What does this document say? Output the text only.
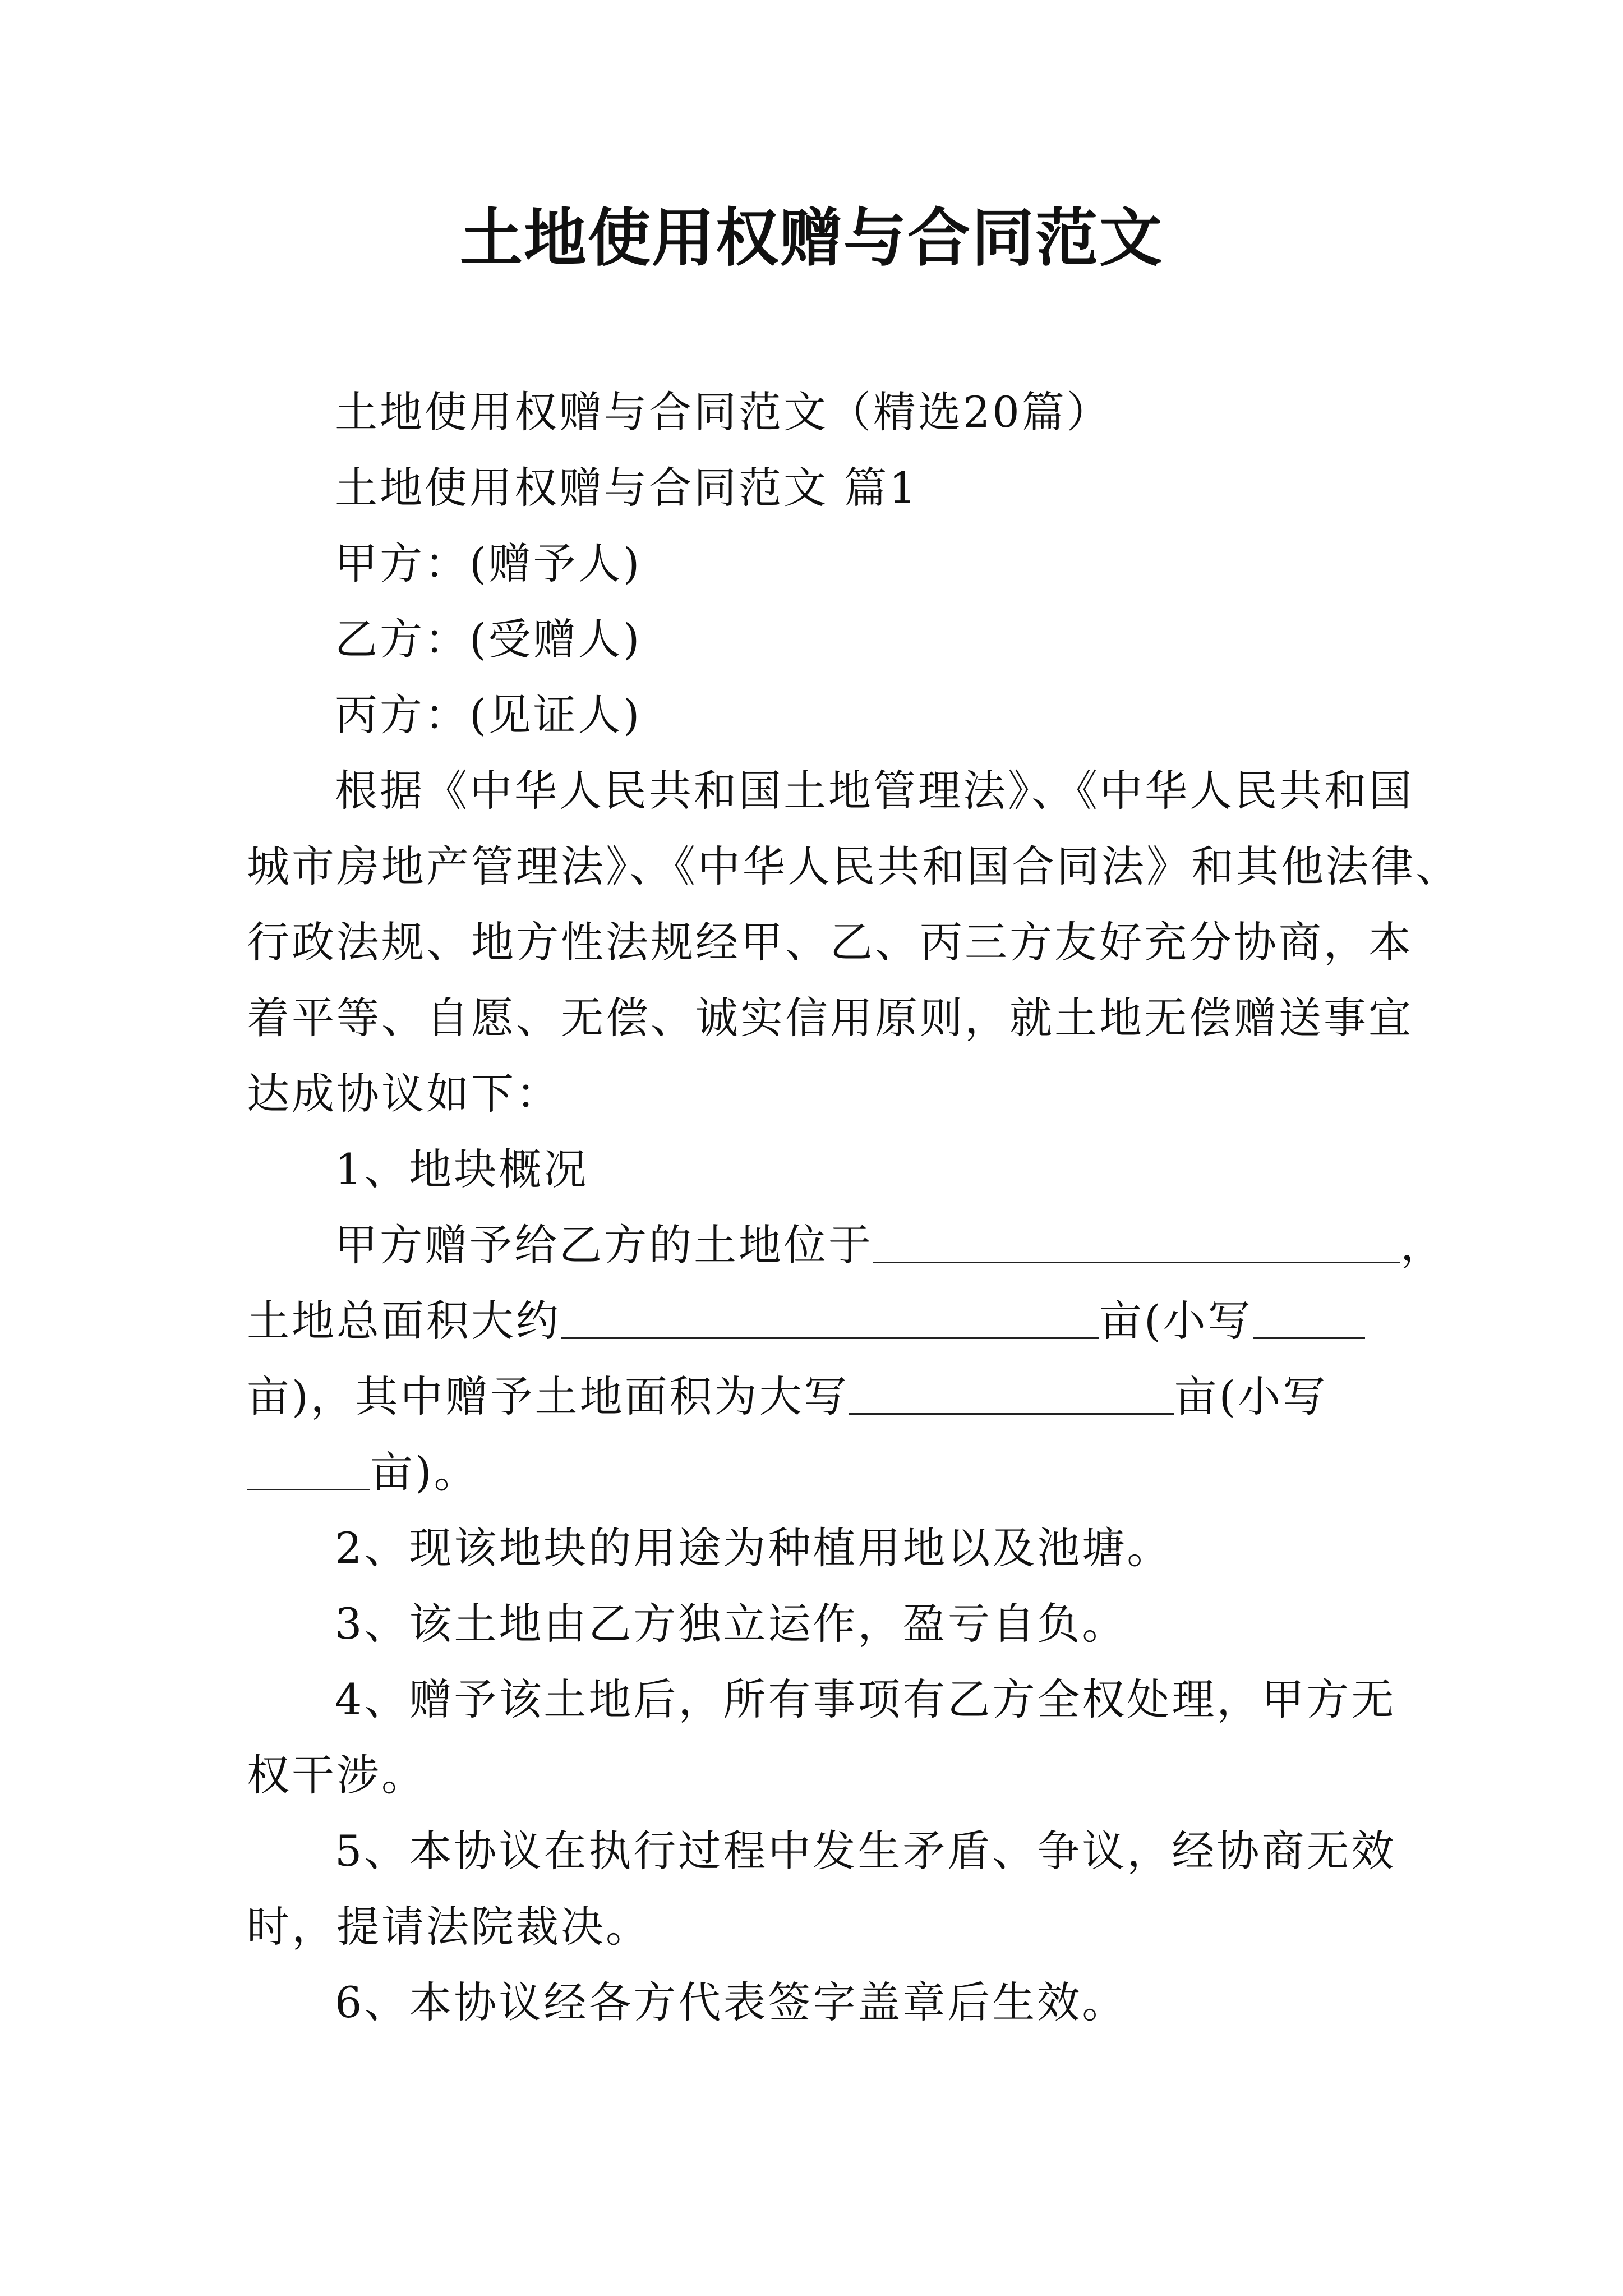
土地使用权赠与合同范文
土地使用权赠与合同范文（精选20篇）
土地使用权赠与合同范文 篇1
甲方：(赠予人)
乙方：(受赠人)
丙方：(见证人)
根据《中华人民共和国土地管理法》、《中华人民共和国
城市房地产管理法》、《中华人民共和国合同法》和其他法律、
行政法规、地方性法规经甲、乙、丙三方友好充分协商，本
着平等、自愿、无偿、诚实信用原则，就土地无偿赠送事宜
达成协议如下：
1、地块概况
甲方赠予给乙方的土地位于	，
土地总面积大约	亩(小写
亩)，其中赠予土地面积为大写	亩(小写
亩)。
2、现该地块的用途为种植用地以及池塘。
3、该土地由乙方独立运作，盈亏自负。
4、赠予该土地后，所有事项有乙方全权处理，甲方无
权干涉。
5、本协议在执行过程中发生矛盾、争议，经协商无效
时，提请法院裁决。
6、本协议经各方代表签字盖章后生效。
